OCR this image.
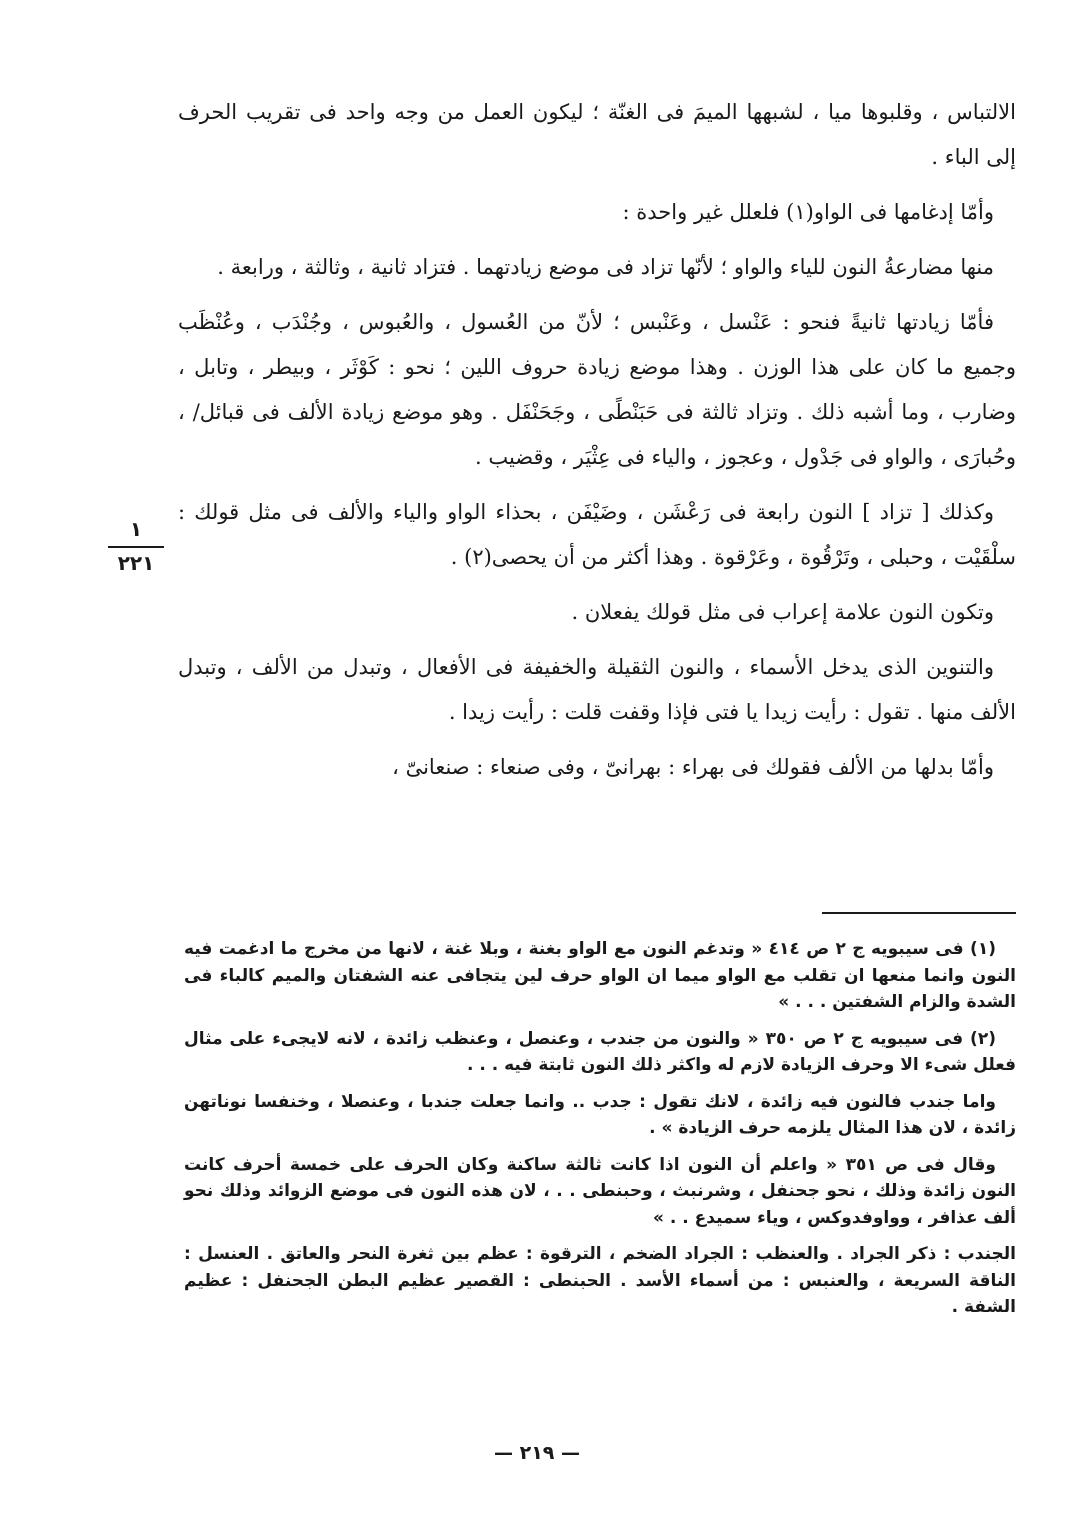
الالتباس ، وقلبوها ميا ، لشبهها الميمَ فى الغنّة ؛ ليكون العمل من وجه واحد فى تقريب الحرف إلى الباء .

وأمّا إدغامها فى الواو(١) فلعلل غير واحدة :

منها مضارعةُ النون للياء والواو ؛ لأنّها تزاد فى موضع زيادتهما . فتزاد ثانية ، وثالثة ، ورابعة .

فأمّا زيادتها ثانيةً فنحو : عَنْسل ، وعَنْبس ؛ لأنّ من العُسول ، والعُبوس ، وجُنْدَب ، وعُنْظَب وجميع ما كان على هذا الوزن . وهذا موضع زيادة حروف اللين ؛ نحو : كَوْثَر ، وبيطر ، وتابل ، وضارب ، وما أشبه ذلك . وتزاد ثالثة فى حَبَنْطًى ، وجَحَنْفَل . وهو موضع زيادة الألف فى قبائل/ ، وحُبارَى ، والواو فى جَدْول ، وعجوز ، والياء فى عِثْيَر ، وقضيب .

وكذلك [ تزاد ] النون رابعة فى رَعْشَن ، وضَيْفَن ، بحذاء الواو والياء والألف فى مثل قولك : سلْقَيْت ، وحبلى ، وتَرْقُوة ، وعَرْقوة . وهذا أكثر من أن يحصى(٢) .

وتكون النون علامة إعراب فى مثل قولك يفعلان .

والتنوين الذى يدخل الأسماء ، والنون الثقيلة والخفيفة فى الأفعال ، وتبدل من الألف ، وتبدل الألف منها . تقول : رأيت زيدا يا فتى فإذا وقفت قلت : رأيت زيدا .

وأمّا بدلها من الألف فقولك فى بهراء : بهرانىّ ، وفى صنعاء : صنعانىّ ،

١
٢٢١

(١) فى سيبويه ج ٢ ص ٤١٤ « وتدغم النون مع الواو بغنة ، وبلا غنة ، لانها من مخرج ما ادغمت فيه النون وانما منعها ان تقلب مع الواو ميما ان الواو حرف لين يتجافى عنه الشفتان والميم كالباء فى الشدة والزام الشفتين . . . »

(٢) فى سيبويه ج ٢ ص ٣٥٠ « والنون من جندب ، وعنصل ، وعنظب زائدة ، لانه لايجىء على مثال فعلل شىء الا وحرف الزيادة لازم له واكثر ذلك النون ثابتة فيه . . .

واما جندب فالنون فيه زائدة ، لانك تقول : جدب .. وانما جعلت جندبا ، وعنصلا ، وخنفسا نوناتهن زائدة ، لان هذا المثال يلزمه حرف الزيادة » .

وقال فى ص ٣٥١ « واعلم أن النون اذا كانت ثالثة ساكنة وكان الحرف على خمسة أحرف كانت النون زائدة وذلك ، نحو جحنفل ، وشرنبث ، وحبنطى . . ، لان هذه النون فى موضع الزوائد وذلك نحو ألف عذافر ، وواوفدوكس ، وياء سميدع . . »

الجندب : ذكر الجراد . والعنظب : الجراد الضخم ، الترقوة : عظم بين ثغرة النحر والعاتق . العنسل : الناقة السريعة ، والعنبس : من أسماء الأسد . الحبنطى : القصير عظيم البطن الجحنفل : عظيم الشفة .

— ٢١٩ —
